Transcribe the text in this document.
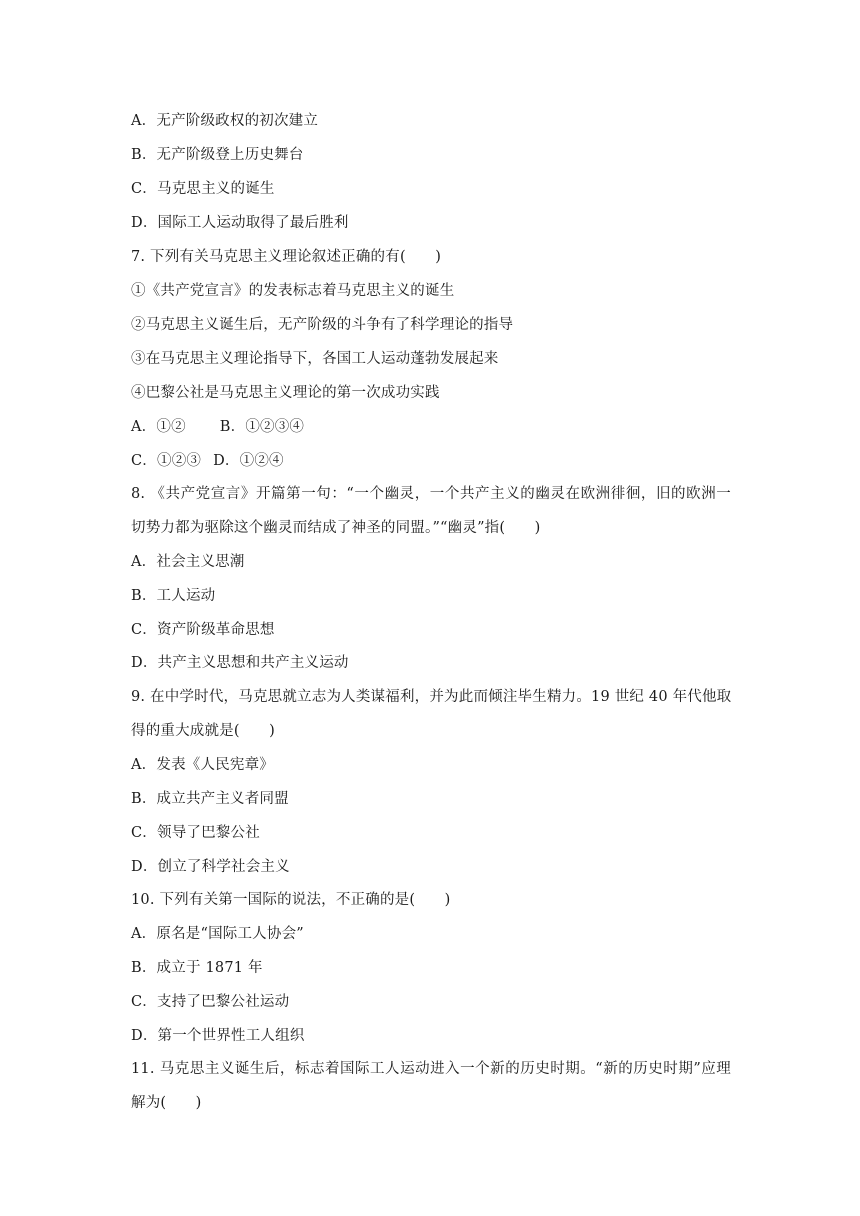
A．无产阶级政权的初次建立
B．无产阶级登上历史舞台
C．马克思主义的诞生
D．国际工人运动取得了最后胜利
7. 下列有关马克思主义理论叙述正确的有(　　)
①《共产党宣言》的发表标志着马克思主义的诞生
②马克思主义诞生后，无产阶级的斗争有了科学理论的指导
③在马克思主义理论指导下，各国工人运动蓬勃发展起来
④巴黎公社是马克思主义理论的第一次成功实践
A．①② B．①②③④
C．①②③ D．①②④
8. 《共产党宣言》开篇第一句：“一个幽灵，一个共产主义的幽灵在欧洲徘徊，旧的欧洲一
切势力都为驱除这个幽灵而结成了神圣的同盟。”“幽灵”指(　　)
A．社会主义思潮
B．工人运动
C．资产阶级革命思想
D．共产主义思想和共产主义运动
9. 在中学时代，马克思就立志为人类谋福利，并为此而倾注毕生精力。19 世纪 40 年代他取
得的重大成就是(　　)
A．发表《人民宪章》
B．成立共产主义者同盟
C．领导了巴黎公社
D．创立了科学社会主义
10. 下列有关第一国际的说法，不正确的是(　　)
A．原名是“国际工人协会”
B．成立于 1871 年
C．支持了巴黎公社运动
D．第一个世界性工人组织
11. 马克思主义诞生后，标志着国际工人运动进入一个新的历史时期。“新的历史时期”应理
解为(　　)
